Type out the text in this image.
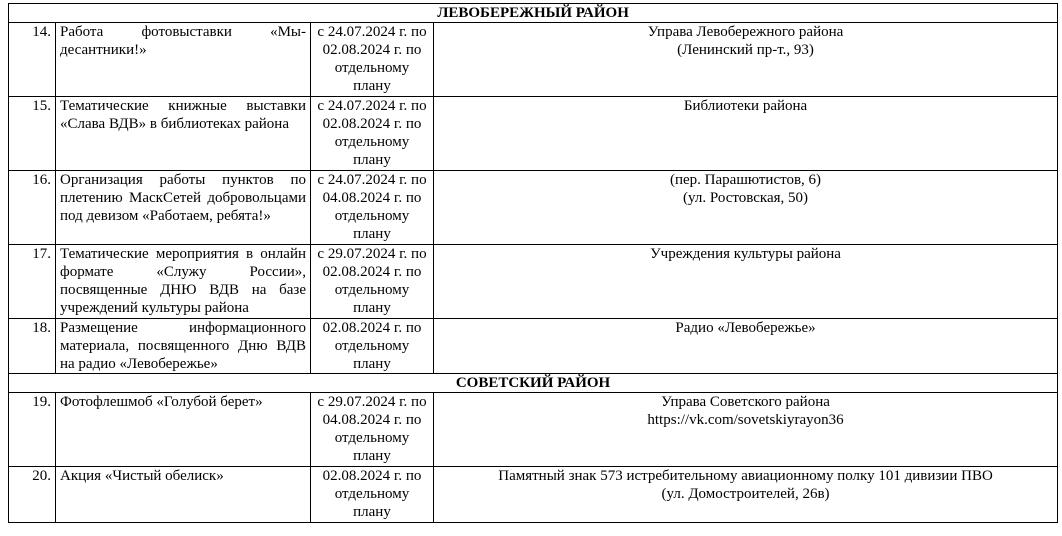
ЛЕВОБЕРЕЖНЫЙ РАЙОН			
14.	Работа фотовыставки «Мы-десантники!»	с 24.07.2024 г. по 02.08.2024 г. по отдельному плану	Управа Левобережного района
(Ленинский пр-т., 93)

15.	Тематические книжные выставки «Слава ВДВ» в библиотеках района	с 24.07.2024 г. по 02.08.2024 г. по отдельному плану	Библиотеки района

16.	Организация работы пунктов по плетению МаскСетей добровольцами под девизом «Работаем, ребята!»	с 24.07.2024 г. по 04.08.2024 г. по отдельному плану	(пер. Парашютистов, 6)
(ул. Ростовская, 50)

17.	Тематические мероприятия в онлайн формате «Служу России», посвященные ДНЮ ВДВ на базе учреждений культуры района	с 29.07.2024 г. по 02.08.2024 г. по отдельному плану	Учреждения культуры района

18.	Размещение информационного материала, посвященного Дню ВДВ на радио «Левобережье»	02.08.2024 г. по отдельному плану	Радио «Левобережье»

СОВЕТСКИЙ РАЙОН			
19.	Фотофлешмоб «Голубой берет»	с 29.07.2024 г. по 04.08.2024 г. по отдельному плану	Управа Советского района
https://vk.com/sovetskiyrayon36

20.	Акция «Чистый обелиск»	02.08.2024 г. по отдельному плану	Памятный знак 573 истребительному авиационному полку 101 дивизии ПВО
(ул. Домостроителей, 26в)
